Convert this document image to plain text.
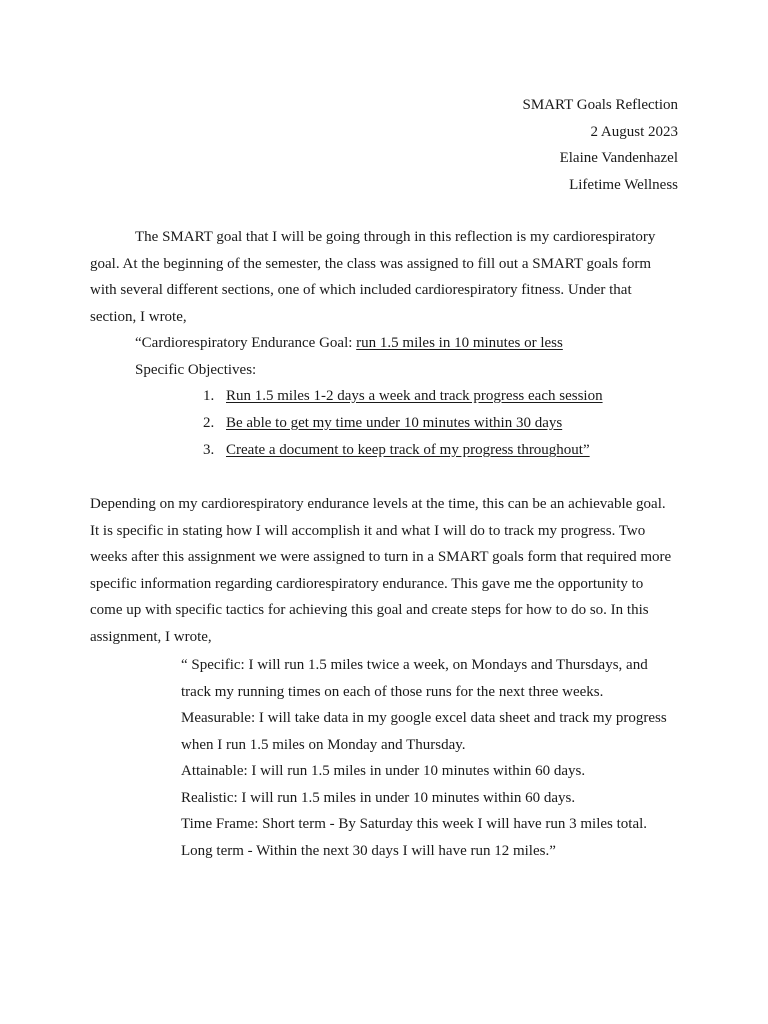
SMART Goals Reflection
2 August 2023
Elaine Vandenhazel
Lifetime Wellness
The SMART goal that I will be going through in this reflection is my cardiorespiratory
goal. At the beginning of the semester, the class was assigned to fill out a SMART goals form
with several different sections, one of which included cardiorespiratory fitness. Under that
section, I wrote,
“Cardiorespiratory Endurance Goal: run 1.5 miles in 10 minutes or less
Specific Objectives:
1. Run 1.5 miles 1-2 days a week and track progress each session
2. Be able to get my time under 10 minutes within 30 days
3. Create a document to keep track of my progress throughout”
Depending on my cardiorespiratory endurance levels at the time, this can be an achievable goal.
It is specific in stating how I will accomplish it and what I will do to track my progress. Two
weeks after this assignment we were assigned to turn in a SMART goals form that required more
specific information regarding cardiorespiratory endurance. This gave me the opportunity to
come up with specific tactics for achieving this goal and create steps for how to do so. In this
assignment, I wrote,
“ Specific: I will run 1.5 miles twice a week, on Mondays and Thursdays, and
track my running times on each of those runs for the next three weeks.
Measurable: I will take data in my google excel data sheet and track my progress
when I run 1.5 miles on Monday and Thursday.
Attainable: I will run 1.5 miles in under 10 minutes within 60 days.
Realistic: I will run 1.5 miles in under 10 minutes within 60 days.
Time Frame: Short term - By Saturday this week I will have run 3 miles total.
Long term - Within the next 30 days I will have run 12 miles.”
